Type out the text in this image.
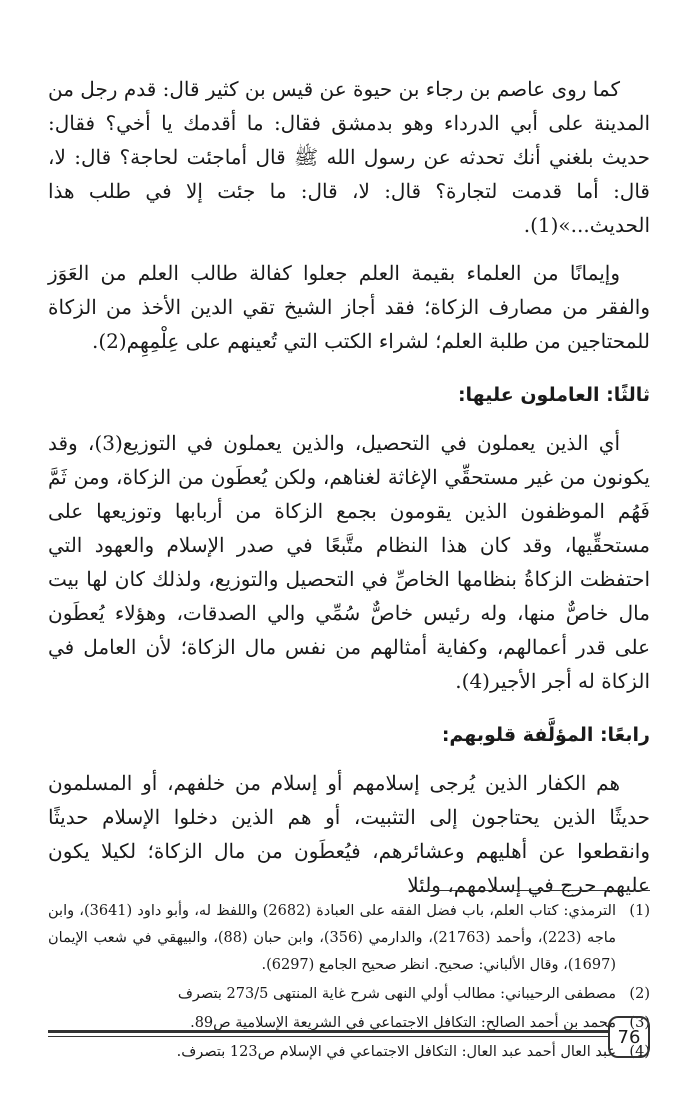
كما روى عاصم بن رجاء بن حيوة عن قيس بن كثير قال: قدم رجل من المدينة على أبي الدرداء وهو بدمشق فقال: ما أقدمك يا أخي؟ فقال: حديث بلغني أنك تحدثه عن رسول الله ﷺ قال أماجئت لحاجة؟ قال: لا، قال: أما قدمت لتجارة؟ قال: لا، قال: ما جئت إلا في طلب هذا الحديث...»(1).

وإيمانًا من العلماء بقيمة العلم جعلوا كفالة طالب العلم من العَوَز والفقر من مصارف الزكاة؛ فقد أجاز الشيخ تقي الدين الأخذ من الزكاة للمحتاجين من طلبة العلم؛ لشراء الكتب التي تُعينهم على عِلْمِهِم(2).

ثالثًا: العاملون عليها:

أي الذين يعملون في التحصيل، والذين يعملون في التوزيع(3)، وقد يكونون من غير مستحقِّي الإغاثة لغناهم، ولكن يُعطَون من الزكاة، ومن ثَمَّ فَهُم الموظفون الذين يقومون بجمع الزكاة من أربابها وتوزيعها على مستحقِّيها، وقد كان هذا النظام متَّبعًا في صدر الإسلام والعهود التي احتفظت الزكاةُ بنظامها الخاصِّ في التحصيل والتوزيع، ولذلك كان لها بيت مال خاصٌّ منها، وله رئيس خاصٌّ سُمِّي والي الصدقات، وهؤلاء يُعطَون على قدر أعمالهم، وكفاية أمثالهم من نفس مال الزكاة؛ لأن العامل في الزكاة له أجر الأجير(4).

رابعًا: المؤلَّفة قلوبهم:

هم الكفار الذين يُرجى إسلامهم أو إسلام من خلفهم، أو المسلمون حديثًا الذين يحتاجون إلى التثبيت، أو هم الذين دخلوا الإسلام حديثًا وانقطعوا عن أهليهم وعشائرهم، فيُعطَون من مال الزكاة؛ لكيلا يكون عليهم حرج في إسلامهم، ولئلا

(1)
الترمذي: كتاب العلم، باب فضل الفقه على العبادة (2682) واللفظ له، وأبو داود (3641)، وابن ماجه (223)، وأحمد (21763)، والدارمي (356)، وابن حبان (88)، والبيهقي في شعب الإيمان (1697)، وقال الألباني: صحيح. انظر صحيح الجامع (6297).
(2)
مصطفى الرحيباني: مطالب أولي النهى شرح غاية المنتهى 273/5 بتصرف
(3)
محمد بن أحمد الصالح: التكافل الاجتماعي في الشريعة الإسلامية ص89.
(4)
عبد العال أحمد عبد العال: التكافل الاجتماعي في الإسلام ص123 بتصرف.
76
